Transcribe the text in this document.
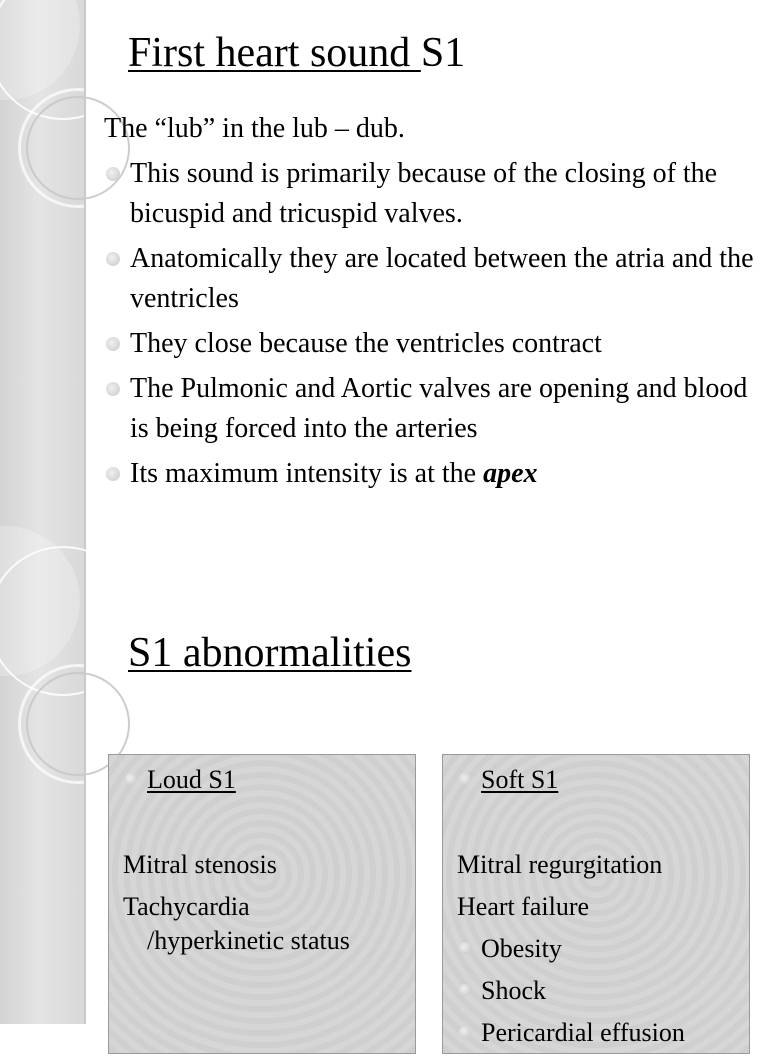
First heart sound S1

The “lub” in the lub – dub.

This sound is primarily because of the closing of the bicuspid and tricuspid valves.
Anatomically they are located between the atria and the ventricles
They close because the ventricles contract
The Pulmonic and Aortic valves are opening and blood is being forced into the arteries
Its maximum intensity is at the apex
S1 abnormalities
Loud S1
Mitral stenosis
Tachycardia
/hyperkinetic status
Soft S1
Mitral regurgitation
Heart failure
Obesity
Shock
Pericardial effusion
